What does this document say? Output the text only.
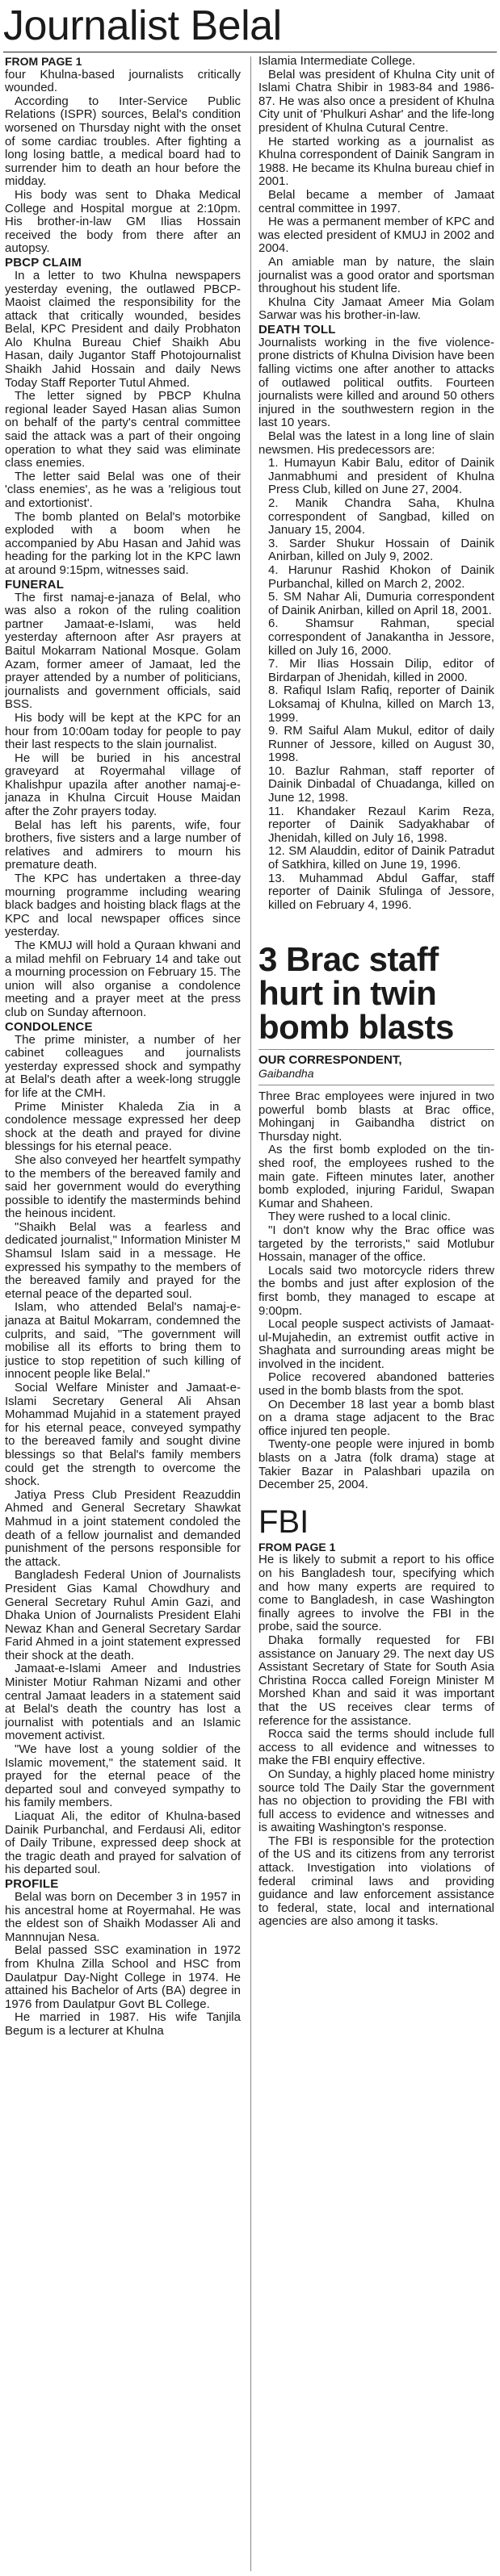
Journalist Belal

FROM PAGE 1

four Khulna-based journalists critically wounded.

According to Inter-Service Public Relations (ISPR) sources, Belal's condition worsened on Thursday night with the onset of some cardiac troubles. After fighting a long losing battle, a medical board had to surrender him to death an hour before the midday.

His body was sent to Dhaka Medical College and Hospital morgue at 2:10pm. His brother-in-law GM Ilias Hossain received the body from there after an autopsy.

PBCP CLAIM

In a letter to two Khulna newspapers yesterday evening, the outlawed PBCP-Maoist claimed the responsibility for the attack that critically wounded, besides Belal, KPC President and daily Probhaton Alo Khulna Bureau Chief Shaikh Abu Hasan, daily Jugantor Staff Photojournalist Shaikh Jahid Hossain and daily News Today Staff Reporter Tutul Ahmed.

The letter signed by PBCP Khulna regional leader Sayed Hasan alias Sumon on behalf of the party's central committee said the attack was a part of their ongoing operation to what they said was eliminate class enemies.

The letter said Belal was one of their 'class enemies', as he was a 'religious tout and extortionist'.

The bomb planted on Belal's motorbike exploded with a boom when he accompanied by Abu Hasan and Jahid was heading for the parking lot in the KPC lawn at around 9:15pm, witnesses said.

FUNERAL

The first namaj-e-janaza of Belal, who was also a rokon of the ruling coalition partner Jamaat-e-Islami, was held yesterday afternoon after Asr prayers at Baitul Mokarram National Mosque. Golam Azam, former ameer of Jamaat, led the prayer attended by a number of politicians, journalists and government officials, said BSS.

His body will be kept at the KPC for an hour from 10:00am today for people to pay their last respects to the slain journalist.

He will be buried in his ancestral graveyard at Royermahal village of Khalishpur upazila after another namaj-e-janaza in Khulna Circuit House Maidan after the Zohr prayers today.

Belal has left his parents, wife, four brothers, five sisters and a large number of relatives and admirers to mourn his premature death.

The KPC has undertaken a three-day mourning programme including wearing black badges and hoisting black flags at the KPC and local newspaper offices since yesterday.

The KMUJ will hold a Quraan khwani and a milad mehfil on February 14 and take out a mourning procession on February 15. The union will also organise a condolence meeting and a prayer meet at the press club on Sunday afternoon.

CONDOLENCE

The prime minister, a number of her cabinet colleagues and journalists yesterday expressed shock and sympathy at Belal's death after a week-long struggle for life at the CMH.

Prime Minister Khaleda Zia in a condolence message expressed her deep shock at the death and prayed for divine blessings for his eternal peace.

She also conveyed her heartfelt sympathy to the members of the bereaved family and said her government would do everything possible to identify the masterminds behind the heinous incident.

"Shaikh Belal was a fearless and dedicated journalist," Information Minister M Shamsul Islam said in a message. He expressed his sympathy to the members of the bereaved family and prayed for the eternal peace of the departed soul.

Islam, who attended Belal's namaj-e-janaza at Baitul Mokarram, condemned the culprits, and said, "The government will mobilise all its efforts to bring them to justice to stop repetition of such killing of innocent people like Belal."

Social Welfare Minister and Jamaat-e-Islami Secretary General Ali Ahsan Mohammad Mujahid in a statement prayed for his eternal peace, conveyed sympathy to the bereaved family and sought divine blessings so that Belal's family members could get the strength to overcome the shock.

Jatiya Press Club President Reazuddin Ahmed and General Secretary Shawkat Mahmud in a joint statement condoled the death of a fellow journalist and demanded punishment of the persons responsible for the attack.

Bangladesh Federal Union of Journalists President Gias Kamal Chowdhury and General Secretary Ruhul Amin Gazi, and Dhaka Union of Journalists President Elahi Newaz Khan and General Secretary Sardar Farid Ahmed in a joint statement expressed their shock at the death.

Jamaat-e-Islami Ameer and Industries Minister Motiur Rahman Nizami and other central Jamaat leaders in a statement said at Belal's death the country has lost a journalist with potentials and an Islamic movement activist.

"We have lost a young soldier of the Islamic movement," the statement said. It prayed for the eternal peace of the departed soul and conveyed sympathy to his family members.

Liaquat Ali, the editor of Khulna-based Dainik Purbanchal, and Ferdausi Ali, editor of Daily Tribune, expressed deep shock at the tragic death and prayed for salvation of his departed soul.

PROFILE

Belal was born on December 3 in 1957 in his ancestral home at Royermahal. He was the eldest son of Shaikh Modasser Ali and Mannnujan Nesa.

Belal passed SSC examination in 1972 from Khulna Zilla School and HSC from Daulatpur Day-Night College in 1974. He attained his Bachelor of Arts (BA) degree in 1976 from Daulatpur Govt BL College.

He married in 1987. His wife Tanjila Begum is a lecturer at Khulna

Islamia Intermediate College.

Belal was president of Khulna City unit of Islami Chatra Shibir in 1983-84 and 1986-87. He was also once a president of Khulna City unit of 'Phulkuri Ashar' and the life-long president of Khulna Cutural Centre.

He started working as a journalist as Khulna correspondent of Dainik Sangram in 1988. He became its Khulna bureau chief in 2001.

Belal became a member of Jamaat central committee in 1997.

He was a permanent member of KPC and was elected president of KMUJ in 2002 and 2004.

An amiable man by nature, the slain journalist was a good orator and sportsman throughout his student life.

Khulna City Jamaat Ameer Mia Golam Sarwar was his brother-in-law.

DEATH TOLL

Journalists working in the five violence-prone districts of Khulna Division have been falling victims one after another to attacks of outlawed political outfits. Fourteen journalists were killed and around 50 others injured in the southwestern region in the last 10 years.

Belal was the latest in a long line of slain newsmen. His predecessors are:

1. Humayun Kabir Balu, editor of Dainik Janmabhumi and president of Khulna Press Club, killed on June 27, 2004.
2. Manik Chandra Saha, Khulna correspondent of Sangbad, killed on January 15, 2004.
3. Sarder Shukur Hossain of Dainik Anirban, killed on July 9, 2002.
4. Harunur Rashid Khokon of Dainik Purbanchal, killed on March 2, 2002.
5. SM Nahar Ali, Dumuria correspondent of Dainik Anirban, killed on April 18, 2001.
6. Shamsur Rahman, special correspondent of Janakantha in Jessore, killed on July 16, 2000.
7. Mir Ilias Hossain Dilip, editor of Birdarpan of Jhenidah, killed in 2000.
8. Rafiqul Islam Rafiq, reporter of Dainik Loksamaj of Khulna, killed on March 13, 1999.
9. RM Saiful Alam Mukul, editor of daily Runner of Jessore, killed on August 30, 1998.
10. Bazlur Rahman, staff reporter of Dainik Dinbadal of Chuadanga, killed on June 12, 1998.
11. Khandaker Rezaul Karim Reza, reporter of Dainik Sadyakhabar of Jhenidah, killed on July 16, 1998.
12. SM Alauddin, editor of Dainik Patradut of Satkhira, killed on June 19, 1996.
13. Muhammad Abdul Gaffar, staff reporter of Dainik Sfulinga of Jessore, killed on February 4, 1996.
3 Brac staff hurt in twin bomb blasts
OUR CORRESPONDENT,

Gaibandha

Three Brac employees were injured in two powerful bomb blasts at Brac office, Mohinganj in Gaibandha district on Thursday night.

As the first bomb exploded on the tin-shed roof, the employees rushed to the main gate. Fifteen minutes later, another bomb exploded, injuring Faridul, Swapan Kumar and Shaheen.

They were rushed to a local clinic.

"I don't know why the Brac office was targeted by the terrorists," said Motlubur Hossain, manager of the office.

Locals said two motorcycle riders threw the bombs and just after explosion of the first bomb, they managed to escape at 9:00pm.

Local people suspect activists of Jamaat-ul-Mujahedin, an extremist outfit active in Shaghata and surrounding areas might be involved in the incident.

Police recovered abandoned batteries used in the bomb blasts from the spot.

On December 18 last year a bomb blast on a drama stage adjacent to the Brac office injured ten people.

Twenty-one people were injured in bomb blasts on a Jatra (folk drama) stage at Takier Bazar in Palashbari upazila on December 25, 2004.

FBI

FROM PAGE 1

He is likely to submit a report to his office on his Bangladesh tour, specifying which and how many experts are required to come to Bangladesh, in case Washington finally agrees to involve the FBI in the probe, said the source.

Dhaka formally requested for FBI assistance on January 29. The next day US Assistant Secretary of State for South Asia Christina Rocca called Foreign Minister M Morshed Khan and said it was important that the US receives clear terms of reference for the assistance.

Rocca said the terms should include full access to all evidence and witnesses to make the FBI enquiry effective.

On Sunday, a highly placed home ministry source told The Daily Star the government has no objection to providing the FBI with full access to evidence and witnesses and is awaiting Washington's response.

The FBI is responsible for the protection of the US and its citizens from any terrorist attack. Investigation into violations of federal criminal laws and providing guidance and law enforcement assistance to federal, state, local and international agencies are also among it tasks.
